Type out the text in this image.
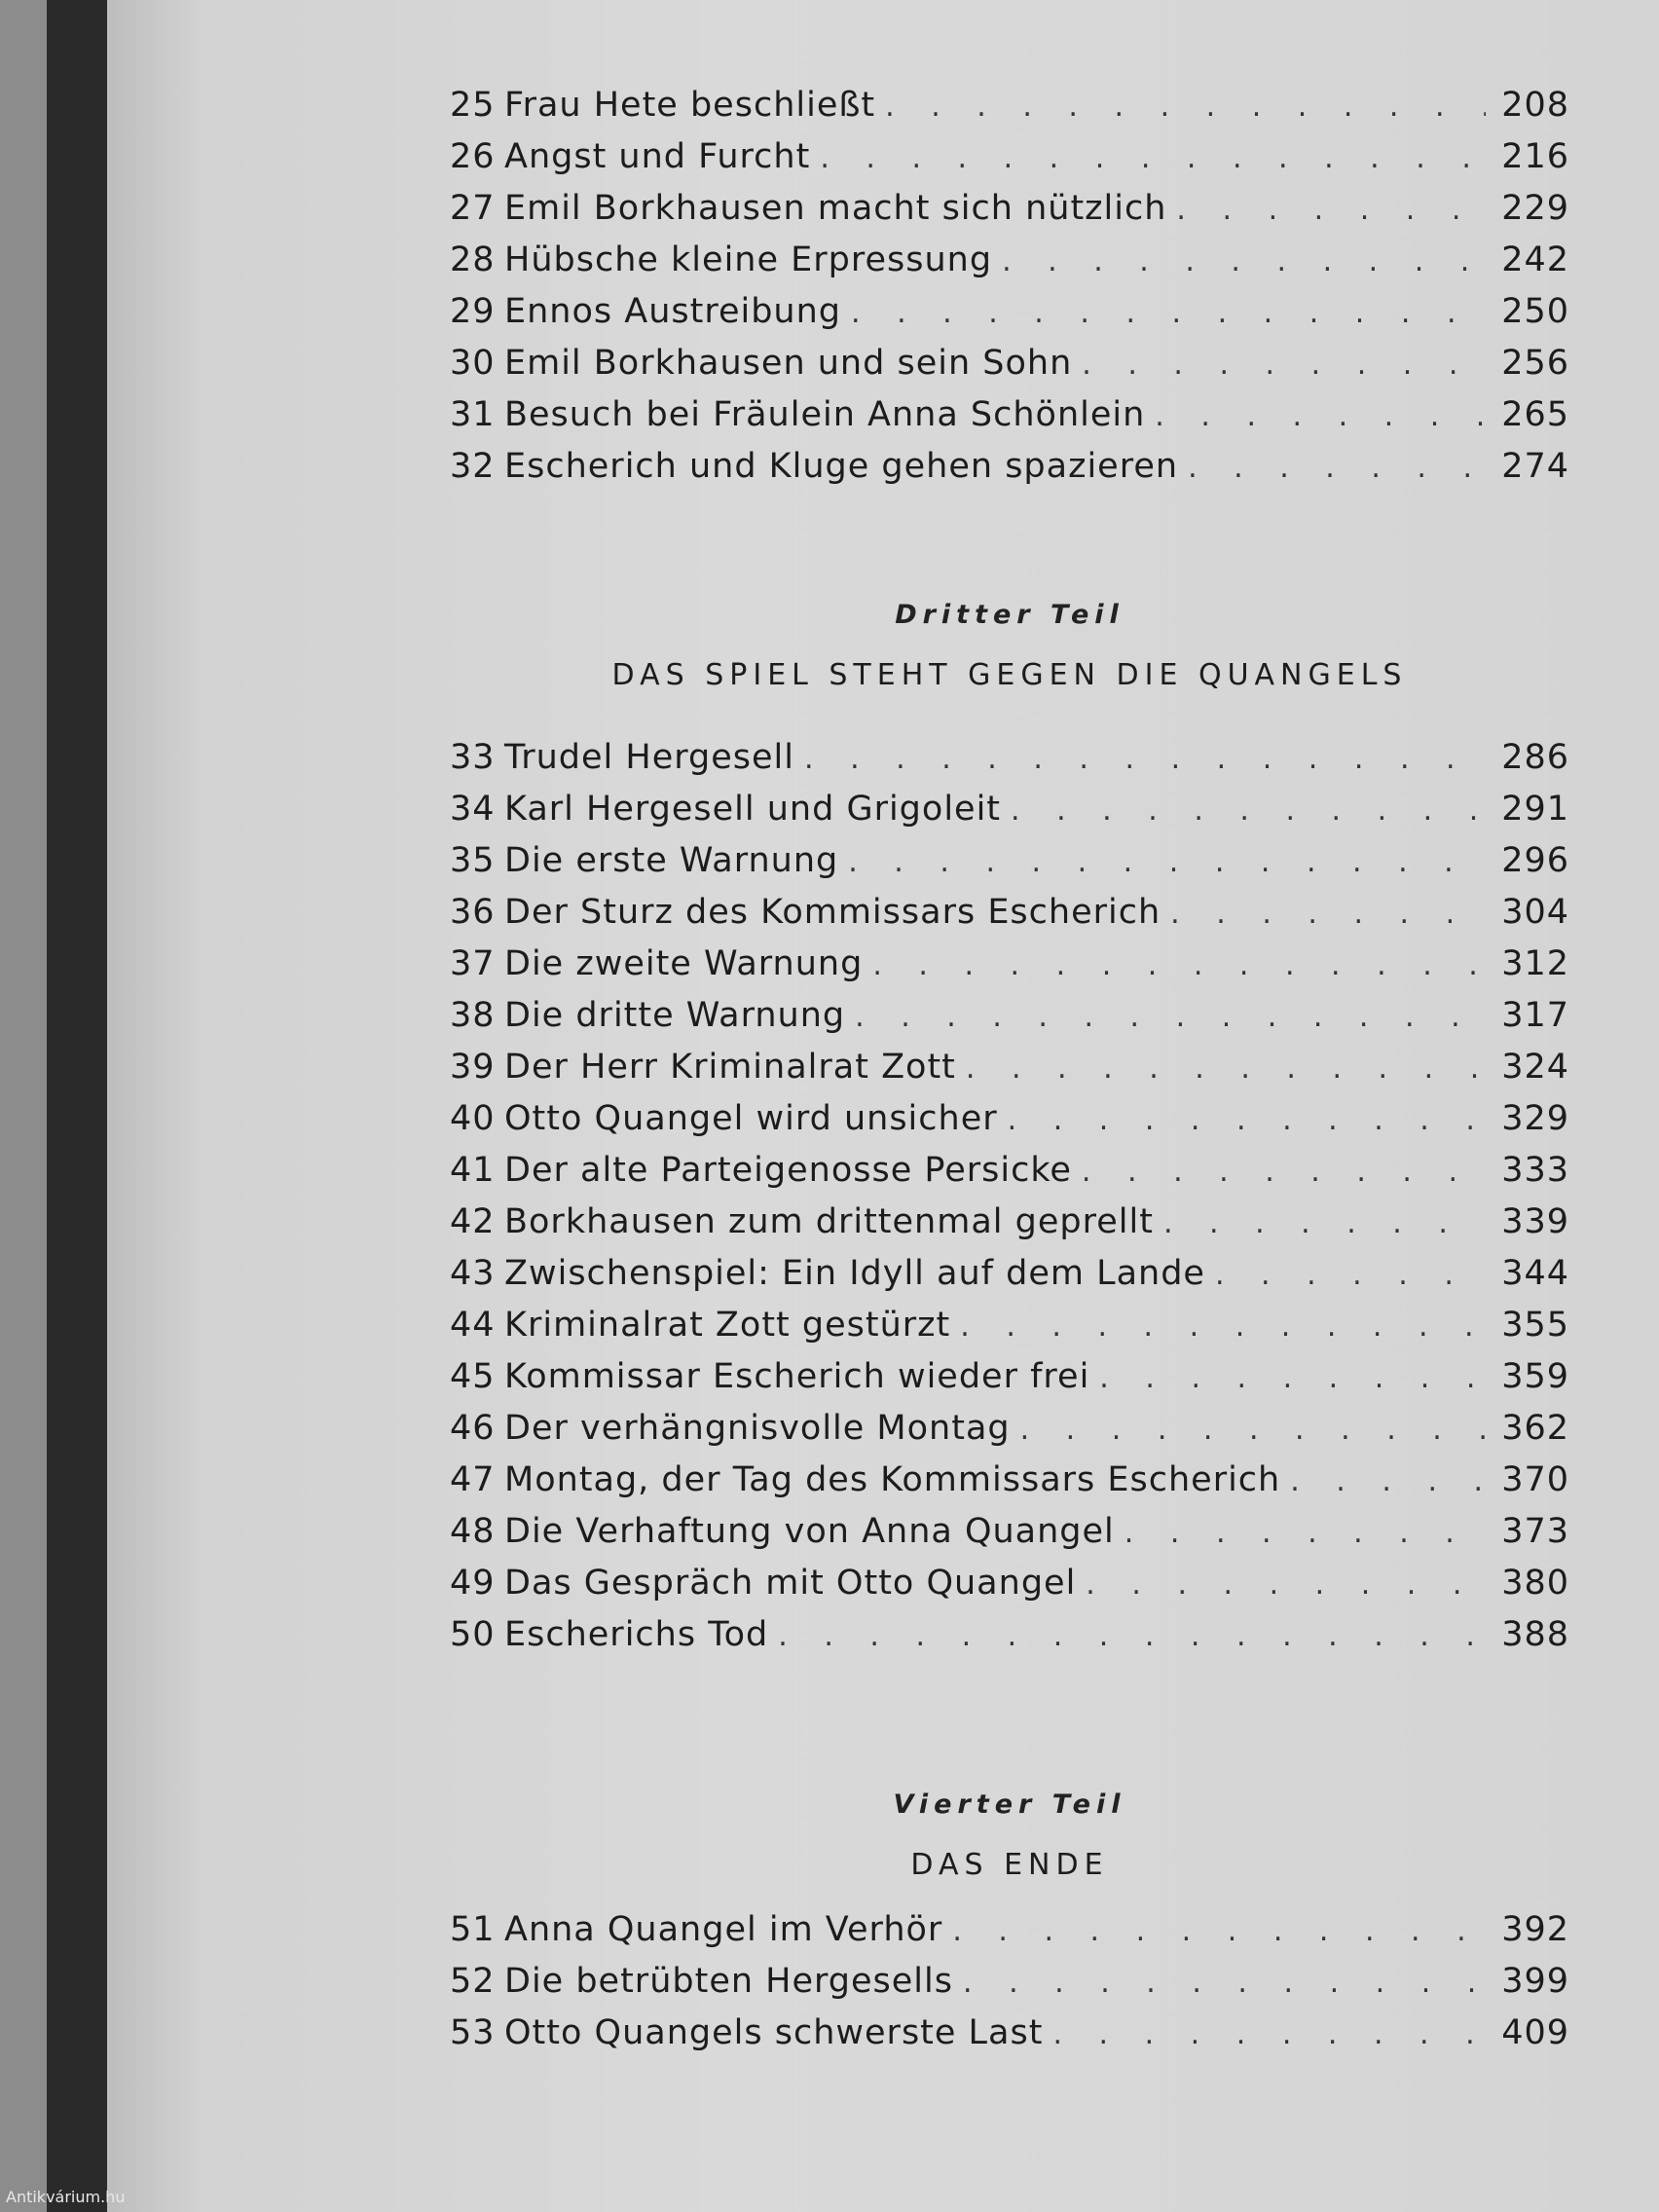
25 Frau Hete beschließt . . .	208
26 Angst und Furcht . . .	216
27 Emil Borkhausen macht sich nützlich . . .	229
28 Hübsche kleine Erpressung . . .	242
29 Ennos Austreibung . . .	250
30 Emil Borkhausen und sein Sohn . . .	256
31 Besuch bei Fräulein Anna Schönlein . . .	265
32 Escherich und Kluge gehen spazieren . . .	274
Dritter Teil
DAS SPIEL STEHT GEGEN DIE QUANGELS
33 Trudel Hergesell . . .	286
34 Karl Hergesell und Grigoleit . . .	291
35 Die erste Warnung . . .	296
36 Der Sturz des Kommissars Escherich . . .	304
37 Die zweite Warnung . . .	312
38 Die dritte Warnung . . .	317
39 Der Herr Kriminalrat Zott . . .	324
40 Otto Quangel wird unsicher . . .	329
41 Der alte Parteigenosse Persicke . . .	333
42 Borkhausen zum drittenmal geprellt . . .	339
43 Zwischenspiel: Ein Idyll auf dem Lande . . .	344
44 Kriminalrat Zott gestürzt . . .	355
45 Kommissar Escherich wieder frei . . .	359
46 Der verhängnisvolle Montag . . .	362
47 Montag, der Tag des Kommissars Escherich . . .	370
48 Die Verhaftung von Anna Quangel . . .	373
49 Das Gespräch mit Otto Quangel . . .	380
50 Escherichs Tod . . .	388
Vierter Teil
DAS ENDE
51 Anna Quangel im Verhör . . .	392
52 Die betrübten Hergesells . . .	399
53 Otto Quangels schwerste Last . . .	409
Antikvárium.hu
